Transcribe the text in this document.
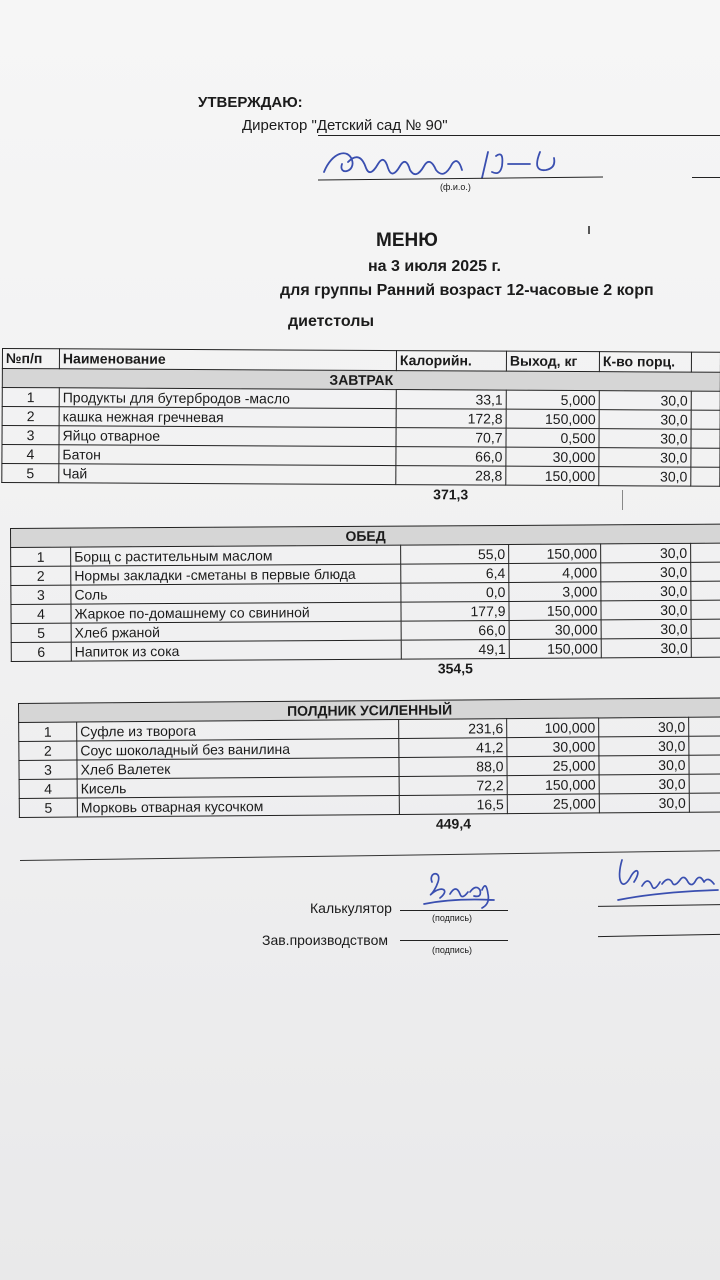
УТВЕРЖДАЮ:
Директор "Детский сад № 90"
(ф.и.о.)
МЕНЮ
на 3 июля 2025 г.
для группы Ранний возраст 12-часовые 2 корп
диетстолы
№п/п	Наименование	Калорийн.	Выход, кг	К-во порц.	
ЗАВТРАК					
1	Продукты для бутербродов -масло	33,1	5,000	30,0	
2	кашка нежная гречневая	172,8	150,000	30,0	
3	Яйцо отварное	70,7	0,500	30,0	
4	Батон	66,0	30,000	30,0	
5	Чай	28,8	150,000	30,0	
		371,3			
ОБЕД					
1	Борщ с растительным маслом	55,0	150,000	30,0	
2	Нормы закладки -сметаны в первые блюда	6,4	4,000	30,0	
3	Соль	0,0	3,000	30,0	
4	Жаркое по-домашнему со свининой	177,9	150,000	30,0	
5	Хлеб ржаной	66,0	30,000	30,0	
6	Напиток из сока	49,1	150,000	30,0	
		354,5			
ПОЛДНИК УСИЛЕННЫЙ					
1	Суфле из творога	231,6	100,000	30,0	
2	Соус шоколадный без ванилина	41,2	30,000	30,0	
3	Хлеб Валетек	88,0	25,000	30,0	
4	Кисель	72,2	150,000	30,0	
5	Морковь отварная кусочком	16,5	25,000	30,0	
		449,4			
Калькулятор
(подпись)
Зав.производством
(подпись)
